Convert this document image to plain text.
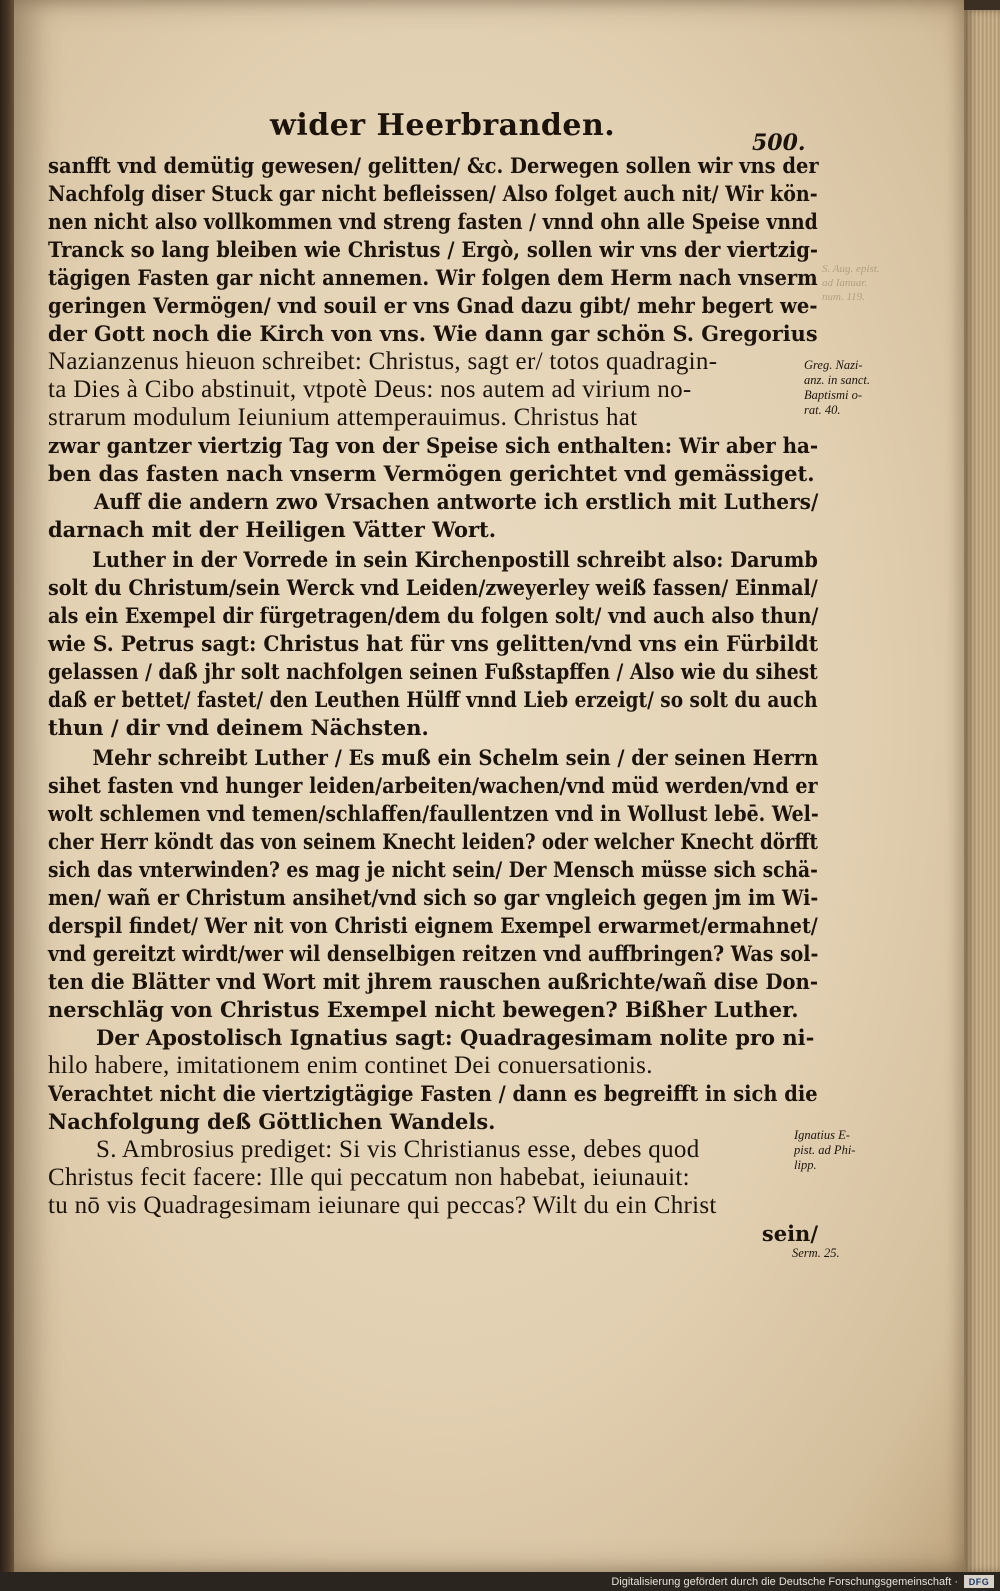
wider Heerbranden.	500.
sanfft vnd demütig gewesen/ gelitten/ &c. Derwegen sollen wir vns der
Nachfolg diser Stuck gar nicht befleissen/ Also folget auch nit/ Wir kön-
nen nicht also vollkommen vnd streng fasten / vnnd ohn alle Speise vnnd
Tranck so lang bleiben wie Christus / Ergò, sollen wir vns der viertzig-
tägigen Fasten gar nicht annemen. Wir folgen dem Herm nach vnserm
geringen Vermögen/ vnd souil er vns Gnad dazu gibt/ mehr begert we-
der Gott noch die Kirch von vns. Wie dann gar schön S. Gregorius
Nazianzenus hieuon schreibet: Christus, sagt er/ totos quadragin-
ta Dies à Cibo abstinuit, vtpotè Deus: nos autem ad virium no-
strarum modulum Ieiunium attemperauimus. Christus hat
zwar gantzer viertzig Tag von der Speise sich enthalten: Wir aber ha-
ben das fasten nach vnserm Vermögen gerichtet vnd gemässiget.
Auff die andern zwo Vrsachen antworte ich erstlich mit Luthers/
darnach mit der Heiligen Vätter Wort.
Luther in der Vorrede in sein Kirchenpostill schreibt also: Darumb
solt du Christum/sein Werck vnd Leiden/zweyerley weiß fassen/ Einmal/
als ein Exempel dir fürgetragen/dem du folgen solt/ vnd auch also thun/
wie S. Petrus sagt: Christus hat für vns gelitten/vnd vns ein Fürbildt
gelassen / daß jhr solt nachfolgen seinen Fußstapffen / Also wie du sihest
daß er bettet/ fastet/ den Leuthen Hülff vnnd Lieb erzeigt/ so solt du auch
thun / dir vnd deinem Nächsten.
Mehr schreibt Luther / Es muß ein Schelm sein / der seinen Herrn
sihet fasten vnd hunger leiden/arbeiten/wachen/vnd müd werden/vnd er
wolt schlemen vnd temen/schlaffen/faullentzen vnd in Wollust lebē. Wel-
cher Herr köndt das von seinem Knecht leiden? oder welcher Knecht dörfft
sich das vnterwinden? es mag je nicht sein/ Der Mensch müsse sich schä-
men/ wañ er Christum ansihet/vnd sich so gar vngleich gegen jm im Wi-
derspil findet/ Wer nit von Christi eignem Exempel erwarmet/ermahnet/
vnd gereitzt wirdt/wer wil denselbigen reitzen vnd auffbringen? Was sol-
ten die Blätter vnd Wort mit jhrem rauschen außrichte/wañ dise Don-
nerschläg von Christus Exempel nicht bewegen? Bißher Luther.
Der Apostolisch Ignatius sagt: Quadragesimam nolite pro ni-
hilo habere, imitationem enim continet Dei conuersationis.
Verachtet nicht die viertzigtägige Fasten / dann es begreifft in sich die
Nachfolgung deß Göttlichen Wandels.
S. Ambrosius prediget: Si vis Christianus esse, debes quod
Christus fecit facere: Ille qui peccatum non habebat, ieiunauit:
tu nō vis Quadragesimam ieiunare qui peccas? Wilt du ein Christ
sein/
Greg. Nazi-
anz. in sanct.
Baptismi o-
rat. 40.
Ignatius E-
pist. ad Phi-
lipp.
Serm. 25.
S. Aug. epist.
ad Ianuar.
num. 119.
Digitalisierung gefördert durch die Deutsche Forschungsgemeinschaft ·	DFG
